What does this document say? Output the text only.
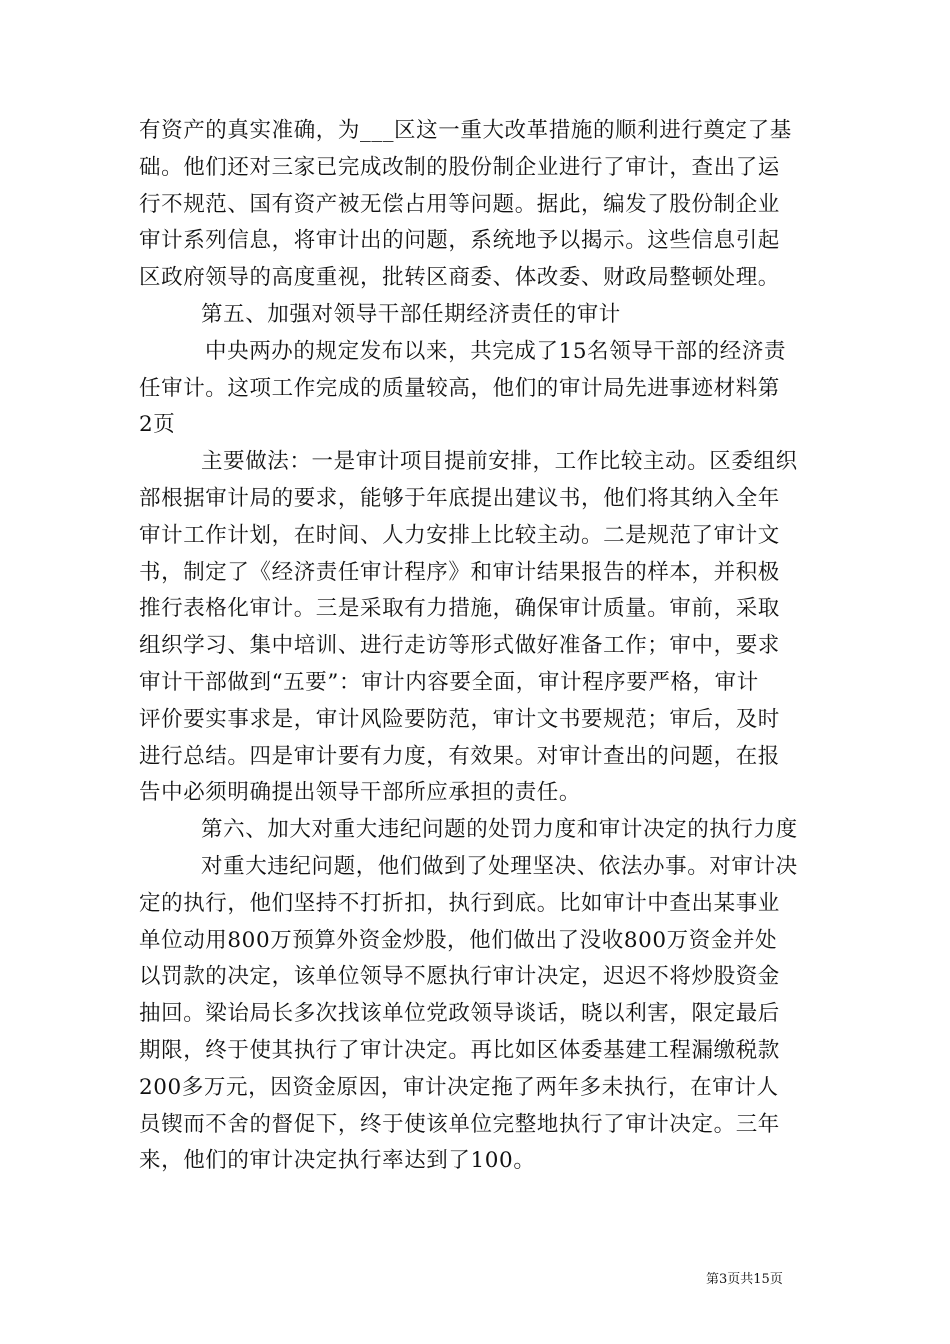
有资产的真实准确，为___区这一重大改革措施的顺利进行奠定了基
础。他们还对三家已完成改制的股份制企业进行了审计，查出了运
行不规范、国有资产被无偿占用等问题。据此，编发了股份制企业
审计系列信息，将审计出的问题，系统地予以揭示。这些信息引起
区政府领导的高度重视，批转区商委、体改委、财政局整顿处理。
第五、加强对领导干部任期经济责任的审计
中央两办的规定发布以来，共完成了15名领导干部的经济责
任审计。这项工作完成的质量较高，他们的审计局先进事迹材料第
2页
主要做法：一是审计项目提前安排，工作比较主动。区委组织
部根据审计局的要求，能够于年底提出建议书，他们将其纳入全年
审计工作计划，在时间、人力安排上比较主动。二是规范了审计文
书，制定了《经济责任审计程序》和审计结果报告的样本，并积极
推行表格化审计。三是采取有力措施，确保审计质量。审前，采取
组织学习、集中培训、进行走访等形式做好准备工作；审中，要求
审计干部做到“五要”：审计内容要全面，审计程序要严格，审计
评价要实事求是，审计风险要防范，审计文书要规范；审后，及时
进行总结。四是审计要有力度，有效果。对审计查出的问题，在报
告中必须明确提出领导干部所应承担的责任。
第六、加大对重大违纪问题的处罚力度和审计决定的执行力度
对重大违纪问题，他们做到了处理坚决、依法办事。对审计决
定的执行，他们坚持不打折扣，执行到底。比如审计中查出某事业
单位动用800万预算外资金炒股，他们做出了没收800万资金并处
以罚款的决定，该单位领导不愿执行审计决定，迟迟不将炒股资金
抽回。梁诒局长多次找该单位党政领导谈话，晓以利害，限定最后
期限，终于使其执行了审计决定。再比如区体委基建工程漏缴税款
200多万元，因资金原因，审计决定拖了两年多未执行，在审计人
员锲而不舍的督促下，终于使该单位完整地执行了审计决定。三年
来，他们的审计决定执行率达到了100。
第3页共15页
